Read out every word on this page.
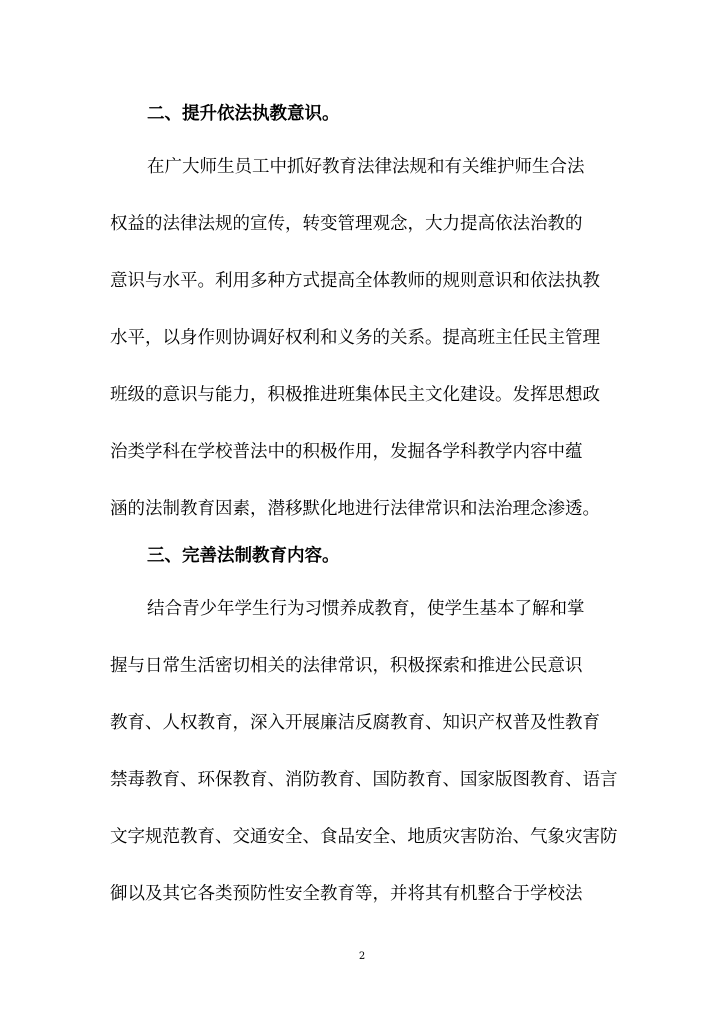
二、提升依法执教意识。
在广大师生员工中抓好教育法律法规和有关维护师生合法
权益的法律法规的宣传，转变管理观念，大力提高依法治教的
意识与水平。利用多种方式提高全体教师的规则意识和依法执教
水平，以身作则协调好权利和义务的关系。提高班主任民主管理
班级的意识与能力，积极推进班集体民主文化建设。发挥思想政
治类学科在学校普法中的积极作用，发掘各学科教学内容中蕴
涵的法制教育因素，潜移默化地进行法律常识和法治理念渗透。
三、完善法制教育内容。
结合青少年学生行为习惯养成教育，使学生基本了解和掌
握与日常生活密切相关的法律常识，积极探索和推进公民意识
教育、人权教育，深入开展廉洁反腐教育、知识产权普及性教育
禁毒教育、环保教育、消防教育、国防教育、国家版图教育、语言
文字规范教育、交通安全、食品安全、地质灾害防治、气象灾害防
御以及其它各类预防性安全教育等，并将其有机整合于学校法
2
